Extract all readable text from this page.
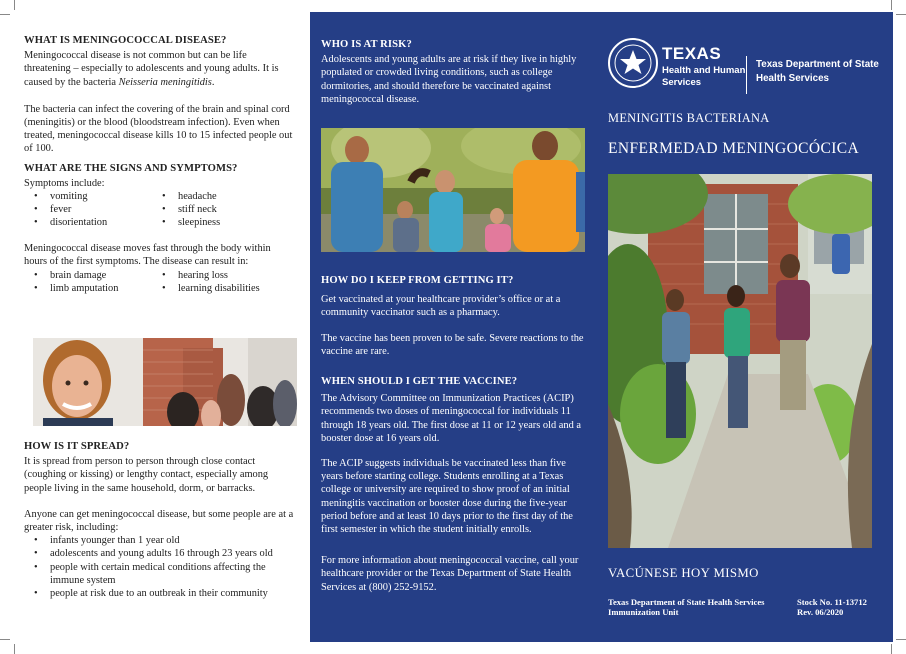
WHAT IS MENINGOCOCCAL DISEASE?
Meningococcal disease is not common but can be life threatening – especially to adolescents and young adults. It is caused by the bacteria Neisseria meningitidis.
The bacteria can infect the covering of the brain and spinal cord (meningitis) or the blood (bloodstream infection). Even when treated, meningococcal disease kills 10 to 15 infected people out of 100.
WHAT ARE THE SIGNS AND SYMPTOMS?
Symptoms include:
• vomiting	• headache
• fever	• stiff neck
• disorientation	• sleepiness
Meningococcal disease moves fast through the body within hours of the first symptoms. The disease can result in:
• brain damage	• hearing loss
• limb amputation	• learning disabilities
HOW IS IT SPREAD?
It is spread from person to person through close contact (coughing or kissing) or lengthy contact, especially among people living in the same household, dorm, or barracks.
Anyone can get meningococcal disease, but some people are at a greater risk, including:
• infants younger than 1 year old
• adolescents and young adults 16 through 23 years old
• people with certain medical conditions affecting the immune system
• people at risk due to an outbreak in their community
WHO IS AT RISK?
Adolescents and young adults are at risk if they live in highly populated or crowded living conditions, such as college dormitories, and should therefore be vaccinated against meningococcal disease.
HOW DO I KEEP FROM GETTING IT?
Get vaccinated at your healthcare provider’s office or at a community vaccinator such as a pharmacy.
The vaccine has been proven to be safe. Severe reactions to the vaccine are rare.
WHEN SHOULD I GET THE VACCINE?
The Advisory Committee on Immunization Practices (ACIP) recommends two doses of meningococcal for individuals 11 through 18 years old. The first dose at 11 or 12 years old and a booster dose at 16 years old.
The ACIP suggests individuals be vaccinated less than five years before starting college. Students enrolling at a Texas college or university are required to show proof of an initial meningitis vaccination or booster dose during the five-year period before and at least 10 days prior to the first day of the first semester in which the student initially enrolls.
For more information about meningococcal vaccine, call your healthcare provider or the Texas Department of State Health Services at (800) 252-9152.
TEXAS
Health and Human
Services
Texas Department of State
Health Services
MENINGITIS BACTERIANA
ENFERMEDAD MENINGOCÓCICA
VACÚNESE HOY MISMO
Texas Department of State Health Services
Immunization Unit
Stock No. 11-13712
Rev. 06/2020
